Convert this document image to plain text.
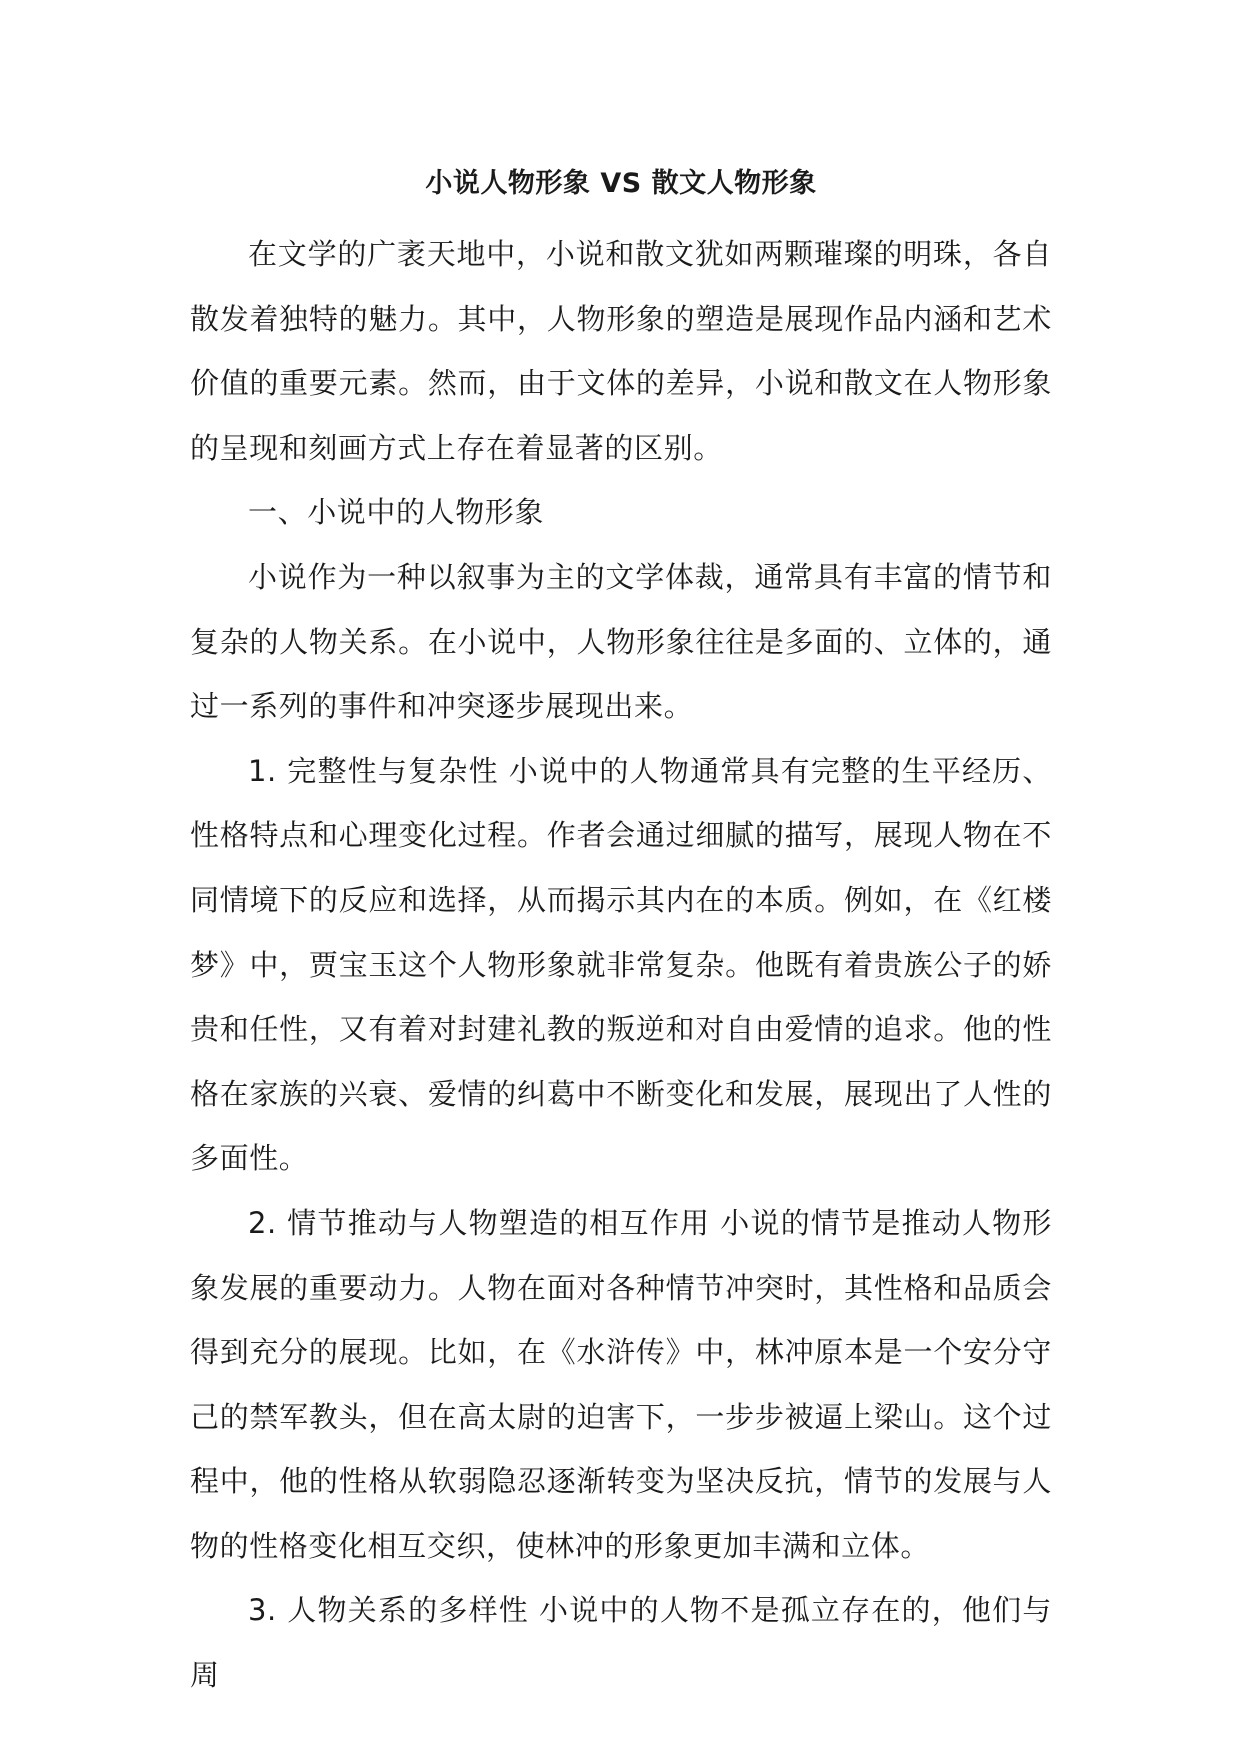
小说人物形象 VS 散文人物形象

在文学的广袤天地中，小说和散文犹如两颗璀璨的明珠，各自散发着独特的魅力。其中，人物形象的塑造是展现作品内涵和艺术价值的重要元素。然而，由于文体的差异，小说和散文在人物形象的呈现和刻画方式上存在着显著的区别。

一、小说中的人物形象

小说作为一种以叙事为主的文学体裁，通常具有丰富的情节和复杂的人物关系。在小说中，人物形象往往是多面的、立体的，通过一系列的事件和冲突逐步展现出来。

1. 完整性与复杂性 小说中的人物通常具有完整的生平经历、性格特点和心理变化过程。作者会通过细腻的描写，展现人物在不同情境下的反应和选择，从而揭示其内在的本质。例如，在《红楼梦》中，贾宝玉这个人物形象就非常复杂。他既有着贵族公子的娇贵和任性，又有着对封建礼教的叛逆和对自由爱情的追求。他的性格在家族的兴衰、爱情的纠葛中不断变化和发展，展现出了人性的多面性。

2. 情节推动与人物塑造的相互作用 小说的情节是推动人物形象发展的重要动力。人物在面对各种情节冲突时，其性格和品质会得到充分的展现。比如，在《水浒传》中，林冲原本是一个安分守己的禁军教头，但在高太尉的迫害下，一步步被逼上梁山。这个过程中，他的性格从软弱隐忍逐渐转变为坚决反抗，情节的发展与人物的性格变化相互交织，使林冲的形象更加丰满和立体。

3. 人物关系的多样性 小说中的人物不是孤立存在的，他们与周
